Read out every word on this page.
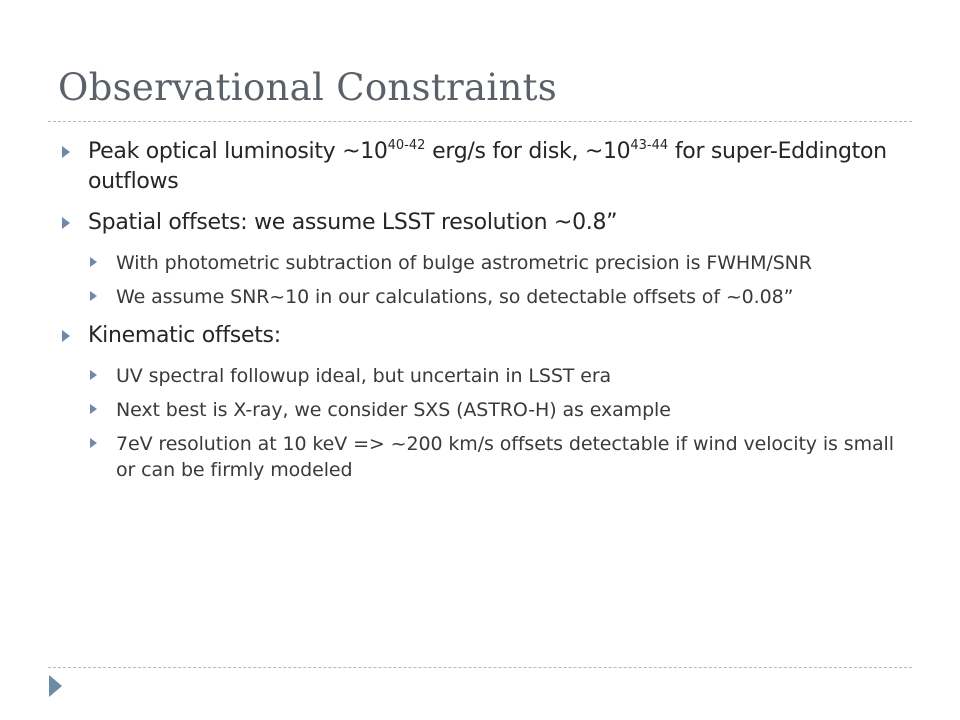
Observational Constraints
Peak optical luminosity ~10$^{40-42}$ erg/s for disk, ~10$^{43-44}$ for super-Eddington outflows
Spatial offsets: we assume LSST resolution ~0.8”
With photometric subtraction of bulge astrometric precision is FWHM/SNR
We assume SNR~10 in our calculations, so detectable offsets of ~0.08”
Kinematic offsets:
UV spectral followup ideal, but uncertain in LSST era
Next best is X-ray, we consider SXS (ASTRO-H) as example
7eV resolution at 10 keV => ~200 km/s offsets detectable if wind velocity is small or can be firmly modeled
